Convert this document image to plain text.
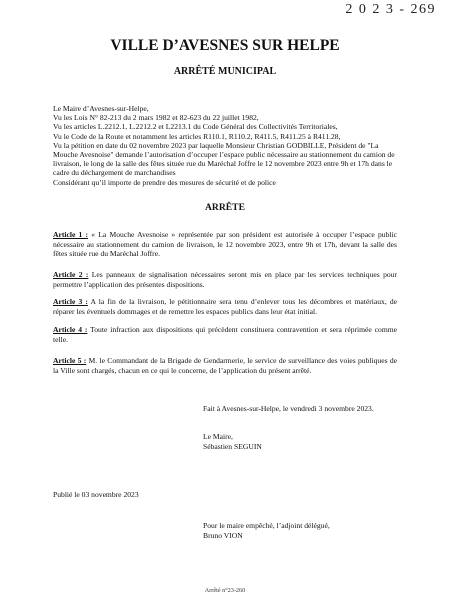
2 0 2 3 - 269
VILLE D’AVESNES SUR HELPE
ARRÊTÉ MUNICIPAL
Le Maire d’Avesnes-sur-Helpe,
Vu les Lois N° 82-213 du 2 mars 1982 et 82-623 du 22 juillet 1982,
Vu les articles L.2212.1, L.2212.2 et L2213.1 du Code Général des Collectivités Territoriales,
Vu le Code de la Route et notamment les articles R110.1, R110.2, R411.5, R411.25 à R411.28,
Vu la pétition en date du 02 novembre 2023 par laquelle Monsieur Christian GODBILLE, Président de "La Mouche Avesnoise" demande l’autorisation d’occuper l’espace public nécessaire au stationnement du camion de livraison, le long de la salle des fêtes située rue du Maréchal Joffre le 12 novembre 2023 entre 9h et 17h dans le cadre du déchargement de marchandises
Considérant qu’il importe de prendre des mesures de sécurité et de police
ARRÊTE
Article 1 : « La Mouche Avesnoise » représentée par son président est autorisée à occuper l’espace public nécessaire au stationnement du camion de livraison, le 12 novembre 2023, entre 9h et 17h, devant la salle des fêtes située rue du Maréchal Joffre.
Article 2 : Les panneaux de signalisation nécessaires seront mis en place par les services techniques pour permettre l’application des présentes dispositions.
Article 3 : A la fin de la livraison, le pétitionnaire sera tenu d’enlever tous les décombres et matériaux, de réparer les éventuels dommages et de remettre les espaces publics dans leur état initial.
Article 4 : Toute infraction aux dispositions qui précèdent constituera contravention et sera réprimée comme telle.
Article 5 : M. le Commandant de la Brigade de Gendarmerie, le service de surveillance des voies publiques de la Ville sont chargés, chacun en ce qui le concerne, de l’application du présent arrêté.
Fait à Avesnes-sur-Helpe, le vendredi 3 novembre 2023.
Le Maire,
Sébastien SEGUIN
Publié le 03 novembre 2023
Pour le maire empêché, l’adjoint délégué,
Bruno VION
Arrêté n°23-260
